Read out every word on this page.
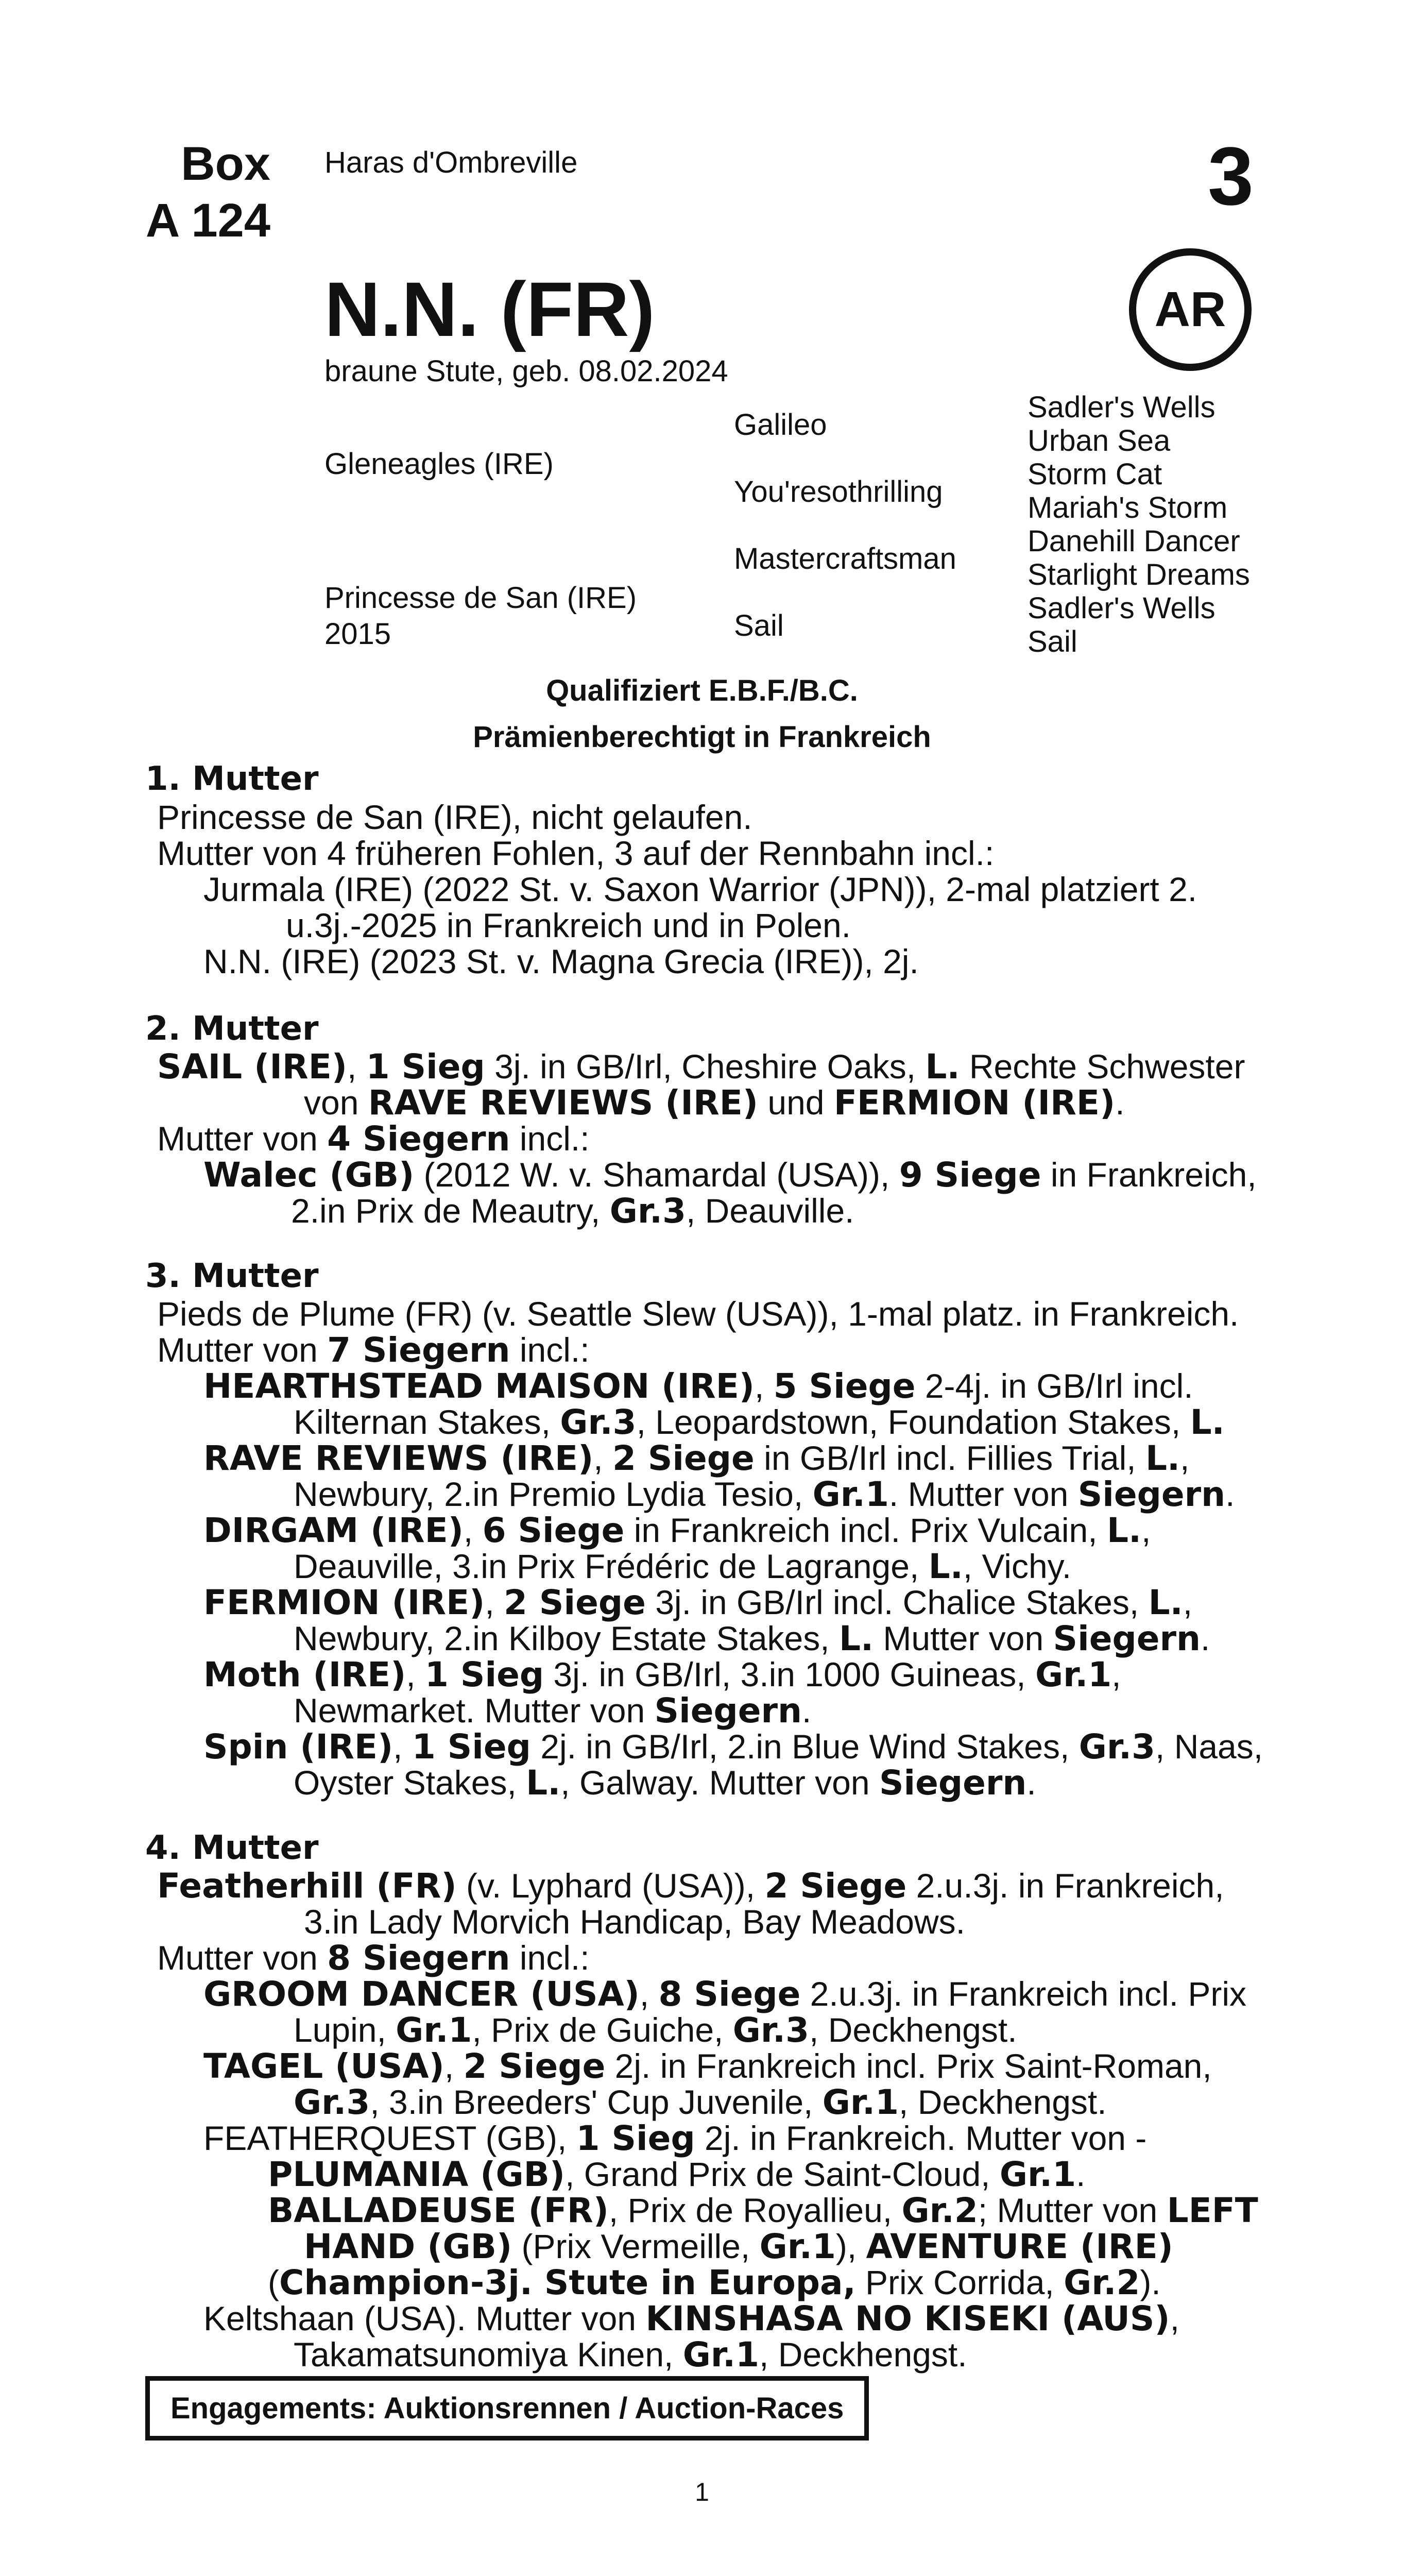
Box
A 124
Haras d'Ombreville	3
AR
N.N. (FR)
braune Stute, geb. 08.02.2024
Gleneagles (IRE)
Princesse de San (IRE)
2015
Galileo
You'resothrilling
Mastercraftsman
Sail
Sadler's Wells
Urban Sea
Storm Cat
Mariah's Storm
Danehill Dancer
Starlight Dreams
Sadler's Wells
Sail
Qualifiziert E.B.F./B.C.
Prämienberechtigt in Frankreich
1. Mutter
Princesse de San (IRE), nicht gelaufen.
Mutter von 4 früheren Fohlen, 3 auf der Rennbahn incl.:
Jurmala (IRE) (2022 St. v. Saxon Warrior (JPN)), 2-mal platziert 2.
u.3j.-2025 in Frankreich und in Polen.
N.N. (IRE) (2023 St. v. Magna Grecia (IRE)), 2j.
2. Mutter
SAIL (IRE), 1 Sieg 3j. in GB/Irl, Cheshire Oaks, L. Rechte Schwester
von RAVE REVIEWS (IRE) und FERMION (IRE).
Mutter von 4 Siegern incl.:
Walec (GB) (2012 W. v. Shamardal (USA)), 9 Siege in Frankreich,
2.in Prix de Meautry, Gr.3, Deauville.
3. Mutter
Pieds de Plume (FR) (v. Seattle Slew (USA)), 1-mal platz. in Frankreich.
Mutter von 7 Siegern incl.:
HEARTHSTEAD MAISON (IRE), 5 Siege 2-4j. in GB/Irl incl.
Kilternan Stakes, Gr.3, Leopardstown, Foundation Stakes, L.
RAVE REVIEWS (IRE), 2 Siege in GB/Irl incl. Fillies Trial, L.,
Newbury, 2.in Premio Lydia Tesio, Gr.1. Mutter von Siegern.
DIRGAM (IRE), 6 Siege in Frankreich incl. Prix Vulcain, L.,
Deauville, 3.in Prix Frédéric de Lagrange, L., Vichy.
FERMION (IRE), 2 Siege 3j. in GB/Irl incl. Chalice Stakes, L.,
Newbury, 2.in Kilboy Estate Stakes, L. Mutter von Siegern.
Moth (IRE), 1 Sieg 3j. in GB/Irl, 3.in 1000 Guineas, Gr.1,
Newmarket. Mutter von Siegern.
Spin (IRE), 1 Sieg 2j. in GB/Irl, 2.in Blue Wind Stakes, Gr.3, Naas,
Oyster Stakes, L., Galway. Mutter von Siegern.
4. Mutter
Featherhill (FR) (v. Lyphard (USA)), 2 Siege 2.u.3j. in Frankreich,
3.in Lady Morvich Handicap, Bay Meadows.
Mutter von 8 Siegern incl.:
GROOM DANCER (USA), 8 Siege 2.u.3j. in Frankreich incl. Prix
Lupin, Gr.1, Prix de Guiche, Gr.3, Deckhengst.
TAGEL (USA), 2 Siege 2j. in Frankreich incl. Prix Saint-Roman,
Gr.3, 3.in Breeders' Cup Juvenile, Gr.1, Deckhengst.
FEATHERQUEST (GB), 1 Sieg 2j. in Frankreich. Mutter von -
PLUMANIA (GB), Grand Prix de Saint-Cloud, Gr.1.
BALLADEUSE (FR), Prix de Royallieu, Gr.2; Mutter von LEFT
HAND (GB) (Prix Vermeille, Gr.1), AVENTURE (IRE)
(Champion-3j. Stute in Europa, Prix Corrida, Gr.2).
Keltshaan (USA). Mutter von KINSHASA NO KISEKI (AUS),
Takamatsunomiya Kinen, Gr.1, Deckhengst.
Engagements: Auktionsrennen / Auction-Races
1
